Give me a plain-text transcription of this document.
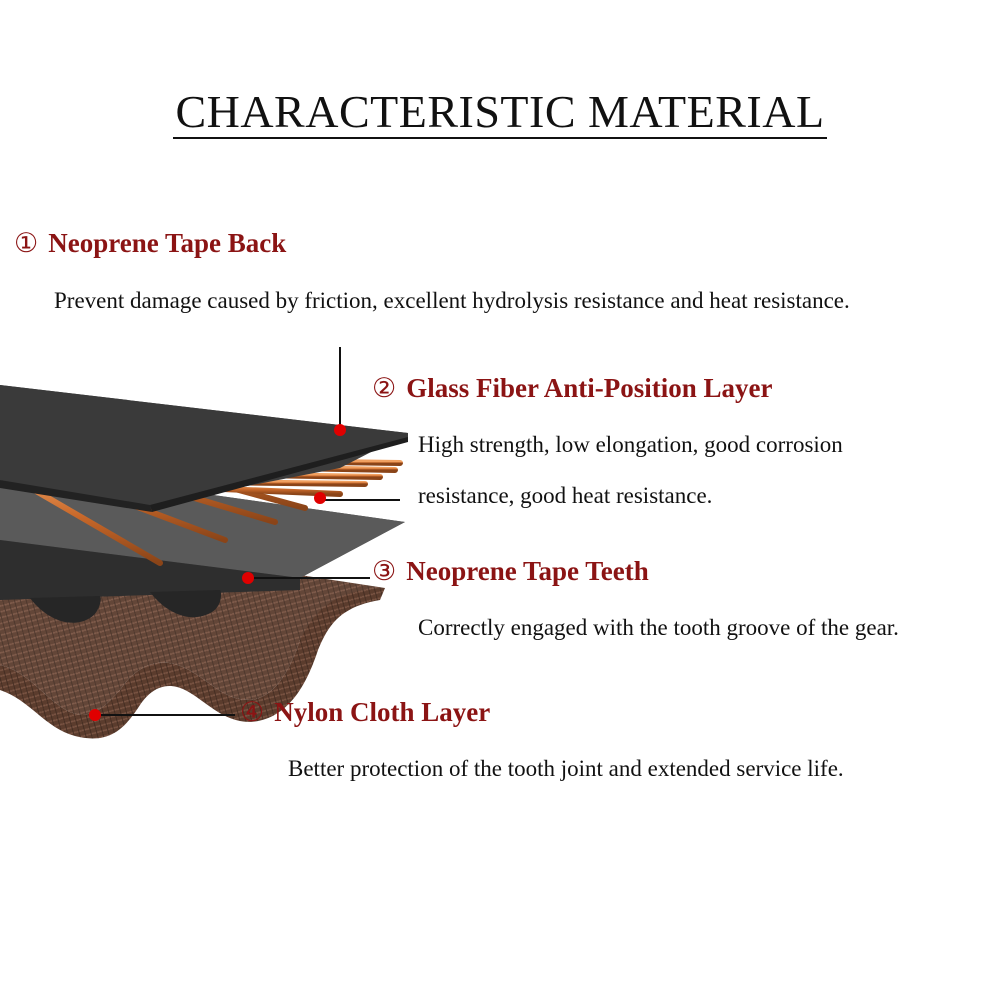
CHARACTERISTIC MATERIAL
① Neoprene Tape Back
Prevent damage caused by friction, excellent hydrolysis resistance and heat resistance.
② Glass Fiber Anti-Position Layer
High strength, low elongation, good corrosion
resistance, good heat resistance.
③ Neoprene Tape Teeth
Correctly engaged with the tooth groove of the gear.
④ Nylon Cloth Layer
Better protection of the tooth joint and extended service life.
